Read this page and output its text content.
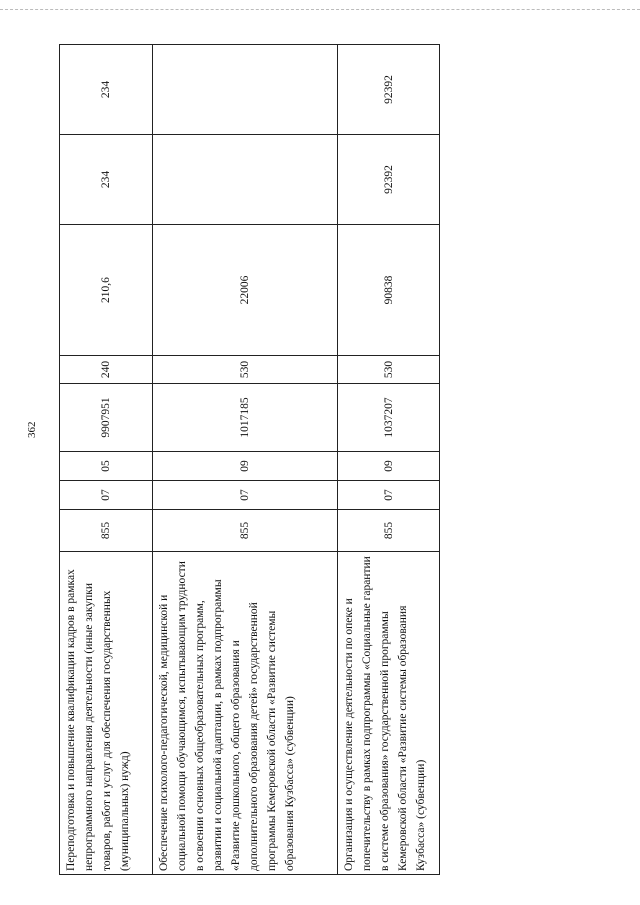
362
Переподготовка и повышение квалификации кадров в рамках непрограммного направления деятельности (иные закупки товаров, работ и услуг для обеспечения государственных (муниципальных) нужд)	855	07	05	9907951	240	210,6	234	234
Обеспечение психолого-педагогической, медицинской и социальной помощи обучающимся, испытывающим трудности в освоении основных общеобразовательных программ, развитии и социальной адаптации, в рамках подпрограммы «Развитие дошкольного, общего образования и дополнительного образования детей» государственной программы Кемеровской области «Развитие системы образования Кузбасса» (субвенции)	855	07	09	1017185	530	22006		
Организация и осуществление деятельности по опеке и попечительству в рамках подпрограммы «Социальные гарантии в системе образования» государственной программы Кемеровской области «Развитие системы образования Кузбасса» (субвенции)	855	07	09	1037207	530	90838	92392	92392
